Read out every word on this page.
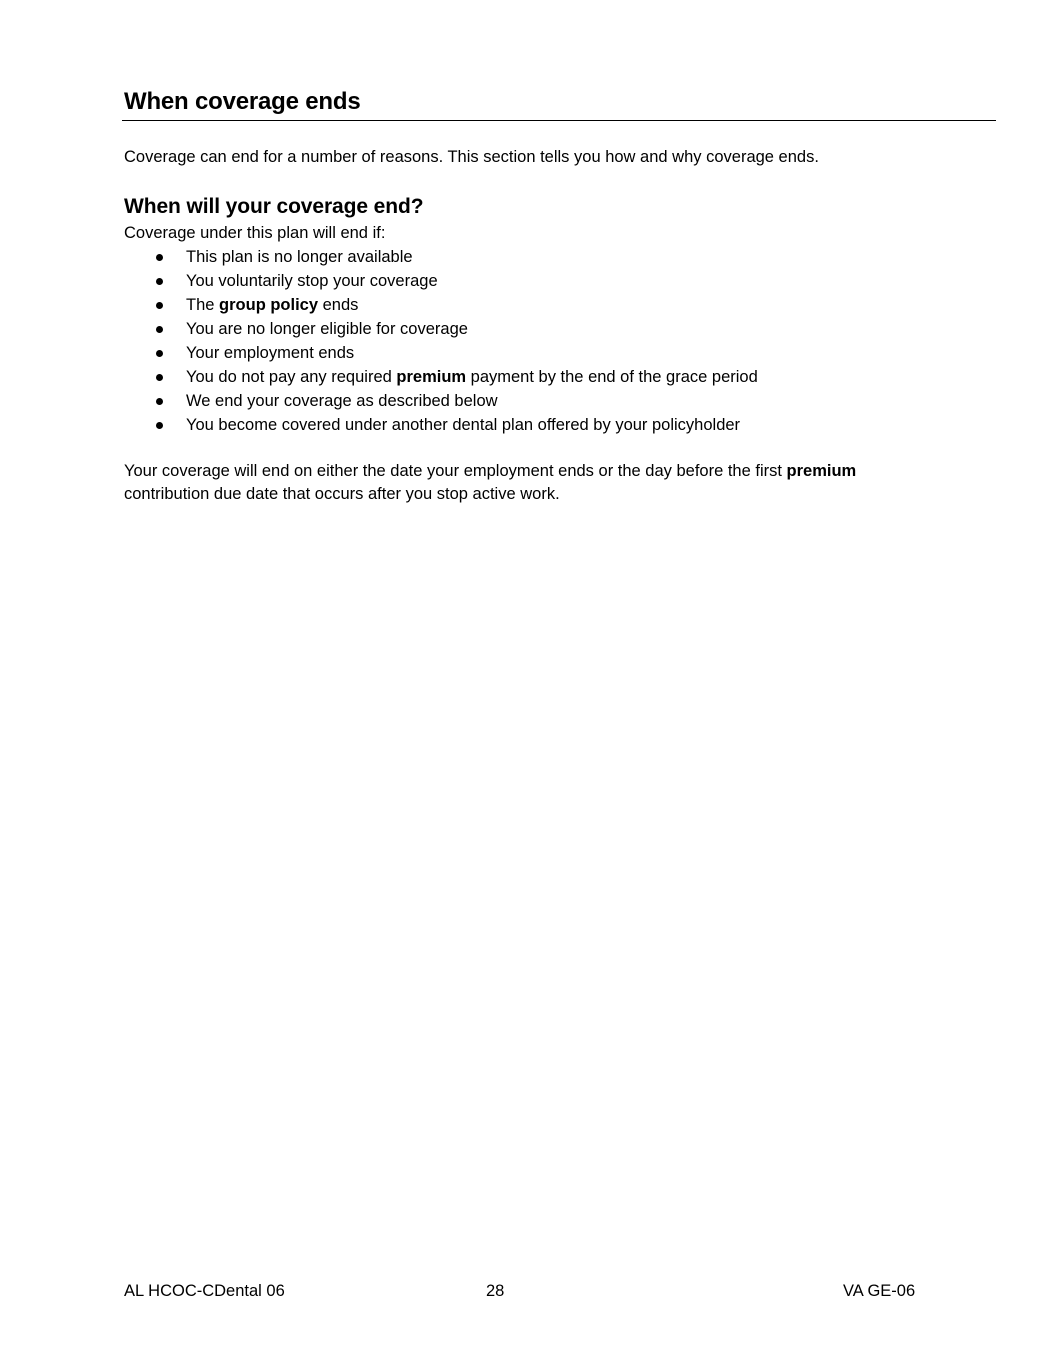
When coverage ends

Coverage can end for a number of reasons. This section tells you how and why coverage ends.

When will your coverage end?

Coverage under this plan will end if:

This plan is no longer available
You voluntarily stop your coverage
The group policy ends
You are no longer eligible for coverage
Your employment ends
You do not pay any required premium payment by the end of the grace period
We end your coverage as described below
You become covered under another dental plan offered by your policyholder

Your coverage will end on either the date your employment ends or the day before the first premium
contribution due date that occurs after you stop active work.

AL HCOC-CDental 06	28	VA GE-06
